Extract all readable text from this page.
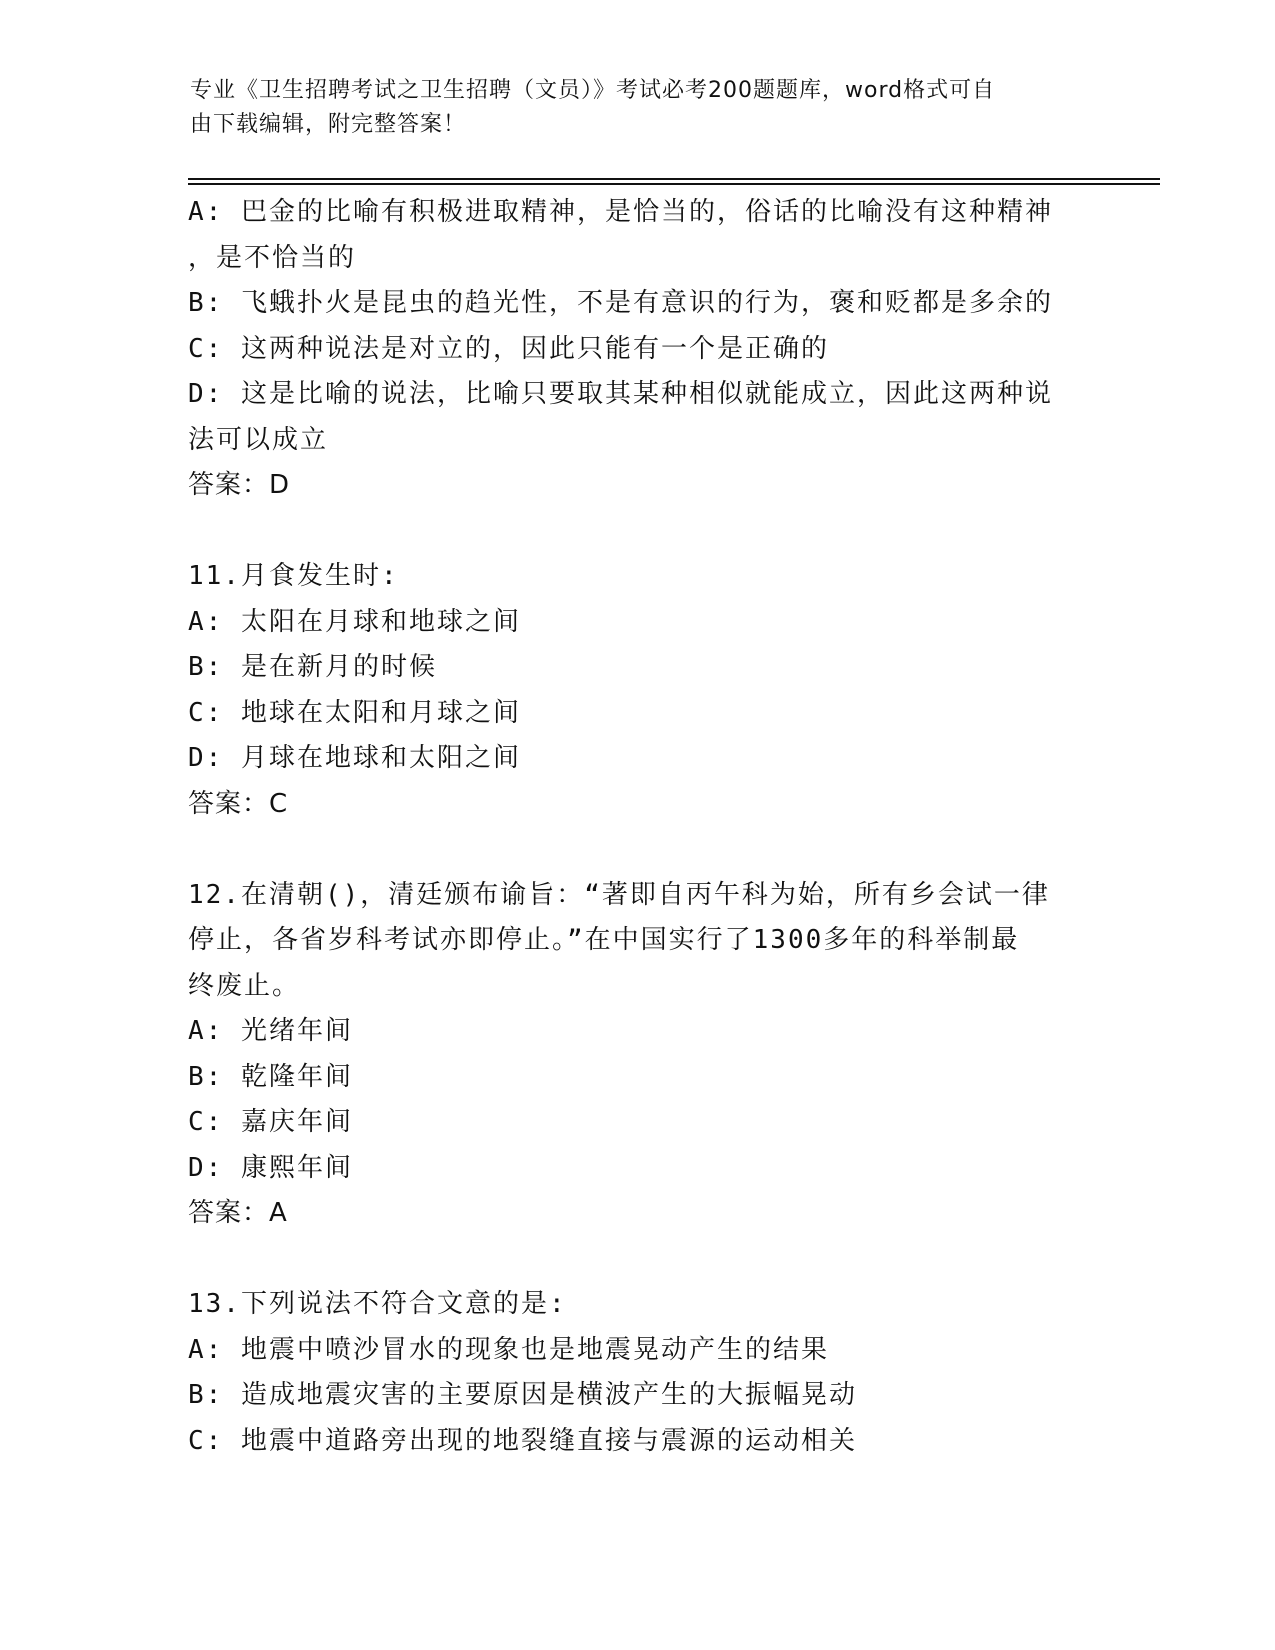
专业《卫生招聘考试之卫生招聘（文员）》考试必考200题题库，word格式可自
由下载编辑，附完整答案！
A: 巴金的比喻有积极进取精神，是恰当的，俗话的比喻没有这种精神
，是不恰当的
B: 飞蛾扑火是昆虫的趋光性，不是有意识的行为，褒和贬都是多余的
C: 这两种说法是对立的，因此只能有一个是正确的
D: 这是比喻的说法，比喻只要取其某种相似就能成立，因此这两种说
法可以成立
答案：D
11.月食发生时:
A: 太阳在月球和地球之间
B: 是在新月的时候
C: 地球在太阳和月球之间
D: 月球在地球和太阳之间
答案：C
12.在清朝()，清廷颁布谕旨：“著即自丙午科为始，所有乡会试一律
停止，各省岁科考试亦即停止。”在中国实行了1300多年的科举制最
终废止。
A: 光绪年间
B: 乾隆年间
C: 嘉庆年间
D: 康熙年间
答案：A
13.下列说法不符合文意的是:
A: 地震中喷沙冒水的现象也是地震晃动产生的结果
B: 造成地震灾害的主要原因是横波产生的大振幅晃动
C: 地震中道路旁出现的地裂缝直接与震源的运动相关
